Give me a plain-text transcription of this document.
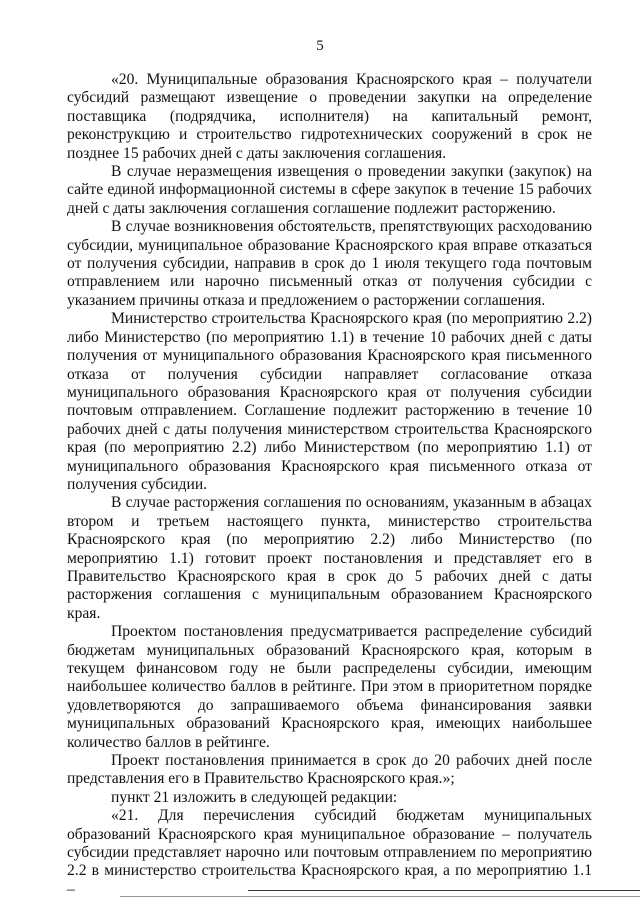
5

«20. Муниципальные образования Красноярского края – получатели субсидий размещают извещение о проведении закупки на определение поставщика (подрядчика, исполнителя) на капитальный ремонт, реконструкцию и строительство гидротехнических сооружений в срок не позднее 15 рабочих дней с даты заключения соглашения.

В случае неразмещения извещения о проведении закупки (закупок) на сайте единой информационной системы в сфере закупок в течение 15 рабочих дней с даты заключения соглашения соглашение подлежит расторжению.

В случае возникновения обстоятельств, препятствующих расходованию субсидии, муниципальное образование Красноярского края вправе отказаться от получения субсидии, направив в срок до 1 июля текущего года почтовым отправлением или нарочно письменный отказ от получения субсидии с указанием причины отказа и предложением о расторжении соглашения.

Министерство строительства Красноярского края (по мероприятию 2.2) либо Министерство (по мероприятию 1.1) в течение 10 рабочих дней с даты получения от муниципального образования Красноярского края письменного отказа от получения субсидии направляет согласование отказа муниципального образования Красноярского края от получения субсидии почтовым отправлением. Соглашение подлежит расторжению в течение 10 рабочих дней с даты получения министерством строительства Красноярского края (по мероприятию 2.2) либо Министерством (по мероприятию 1.1) от муниципального образования Красноярского края письменного отказа от получения субсидии.

В случае расторжения соглашения по основаниям, указанным в абзацах втором и третьем настоящего пункта, министерство строительства Красноярского края (по мероприятию 2.2) либо Министерство (по мероприятию 1.1) готовит проект постановления и представляет его в Правительство Красноярского края в срок до 5 рабочих дней с даты расторжения соглашения с муниципальным образованием Красноярского края.

Проектом постановления предусматривается распределение субсидий бюджетам муниципальных образований Красноярского края, которым в текущем финансовом году не были распределены субсидии, имеющим наибольшее количество баллов в рейтинге. При этом в приоритетном порядке удовлетворяются до запрашиваемого объема финансирования заявки муниципальных образований Красноярского края, имеющих наибольшее количество баллов в рейтинге.

Проект постановления принимается в срок до 20 рабочих дней после представления его в Правительство Красноярского края.»;

пункт 21 изложить в следующей редакции:

«21. Для перечисления субсидий бюджетам муниципальных образований Красноярского края муниципальное образование – получатель субсидии представляет нарочно или почтовым отправлением по мероприятию 2.2 в министерство строительства Красноярского края, а по мероприятию 1.1 –
